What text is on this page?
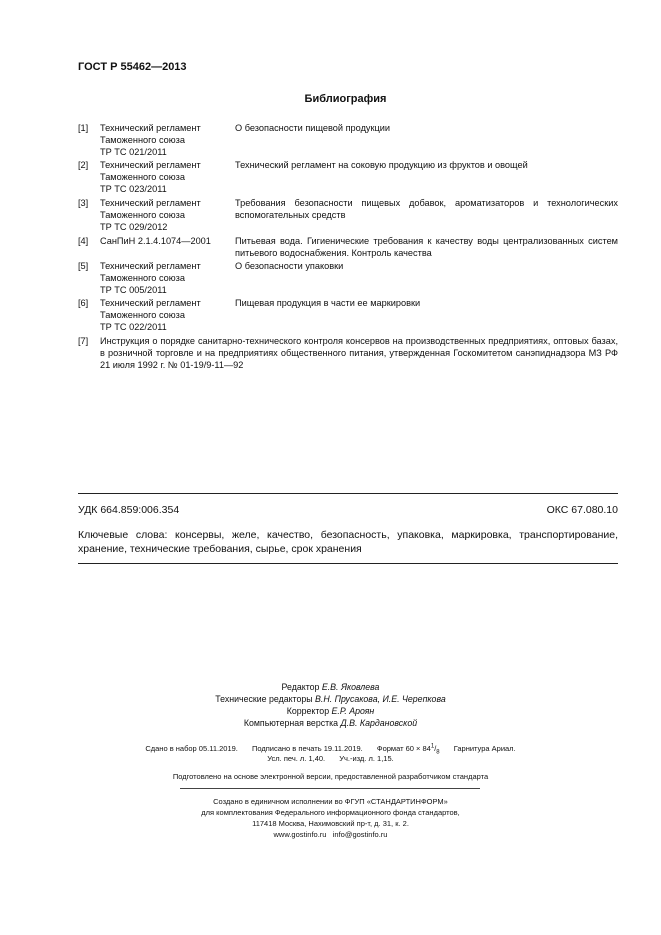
ГОСТ Р 55462—2013
Библиография
[1] Технический регламент
Таможенного союза
ТР ТС 021/2011
О безопасности пищевой продукции
[2] Технический регламент
Таможенного союза
ТР ТС 023/2011
Технический регламент на соковую продукцию из фруктов и овощей
[3] Технический регламент
Таможенного союза
ТР ТС 029/2012
Требования безопасности пищевых добавок, ароматизаторов и технологических вспомогательных средств
[4] СанПиН 2.1.4.1074—2001	Питьевая вода. Гигиенические требования к качеству воды централизованных систем питьевого водоснабжения. Контроль качества
[5] Технический регламент
Таможенного союза
ТР ТС 005/2011
О безопасности упаковки
[6] Технический регламент
Таможенного союза
ТР ТС 022/2011
Пищевая продукция в части ее маркировки
[7] Инструкция о порядке санитарно-технического контроля консервов на производственных предприятиях, оптовых базах, в розничной торговле и на предприятиях общественного питания, утвержденная Госкомитетом санэпиднадзора МЗ РФ 21 июля 1992 г. № 01-19/9-11—92
УДК 664.859:006.354	ОКС 67.080.10
Ключевые слова: консервы, желе, качество, безопасность, упаковка, маркировка, транспортирование, хранение, технические требования, сырье, срок хранения
Редактор Е.В. Яковлева
Технические редакторы В.Н. Прусакова, И.Е. Черепкова
Корректор Е.Р. Ароян
Компьютерная верстка Д.В. Кардановской
Сдано в набор 05.11.2019. Подписано в печать 19.11.2019. Формат $60 \times 84^1/_8$ Гарнитура Ариал.
Усл. печ. л. 1,40. Уч.-изд. л. 1,15.
Подготовлено на основе электронной версии, предоставленной разработчиком стандарта
Создано в единичном исполнении во ФГУП «СТАНДАРТИНФОРМ»
для комплектования Федерального информационного фонда стандартов,
117418 Москва, Нахимовский пр-т, д. 31, к. 2.
www.gostinfo.ru info@gostinfo.ru
